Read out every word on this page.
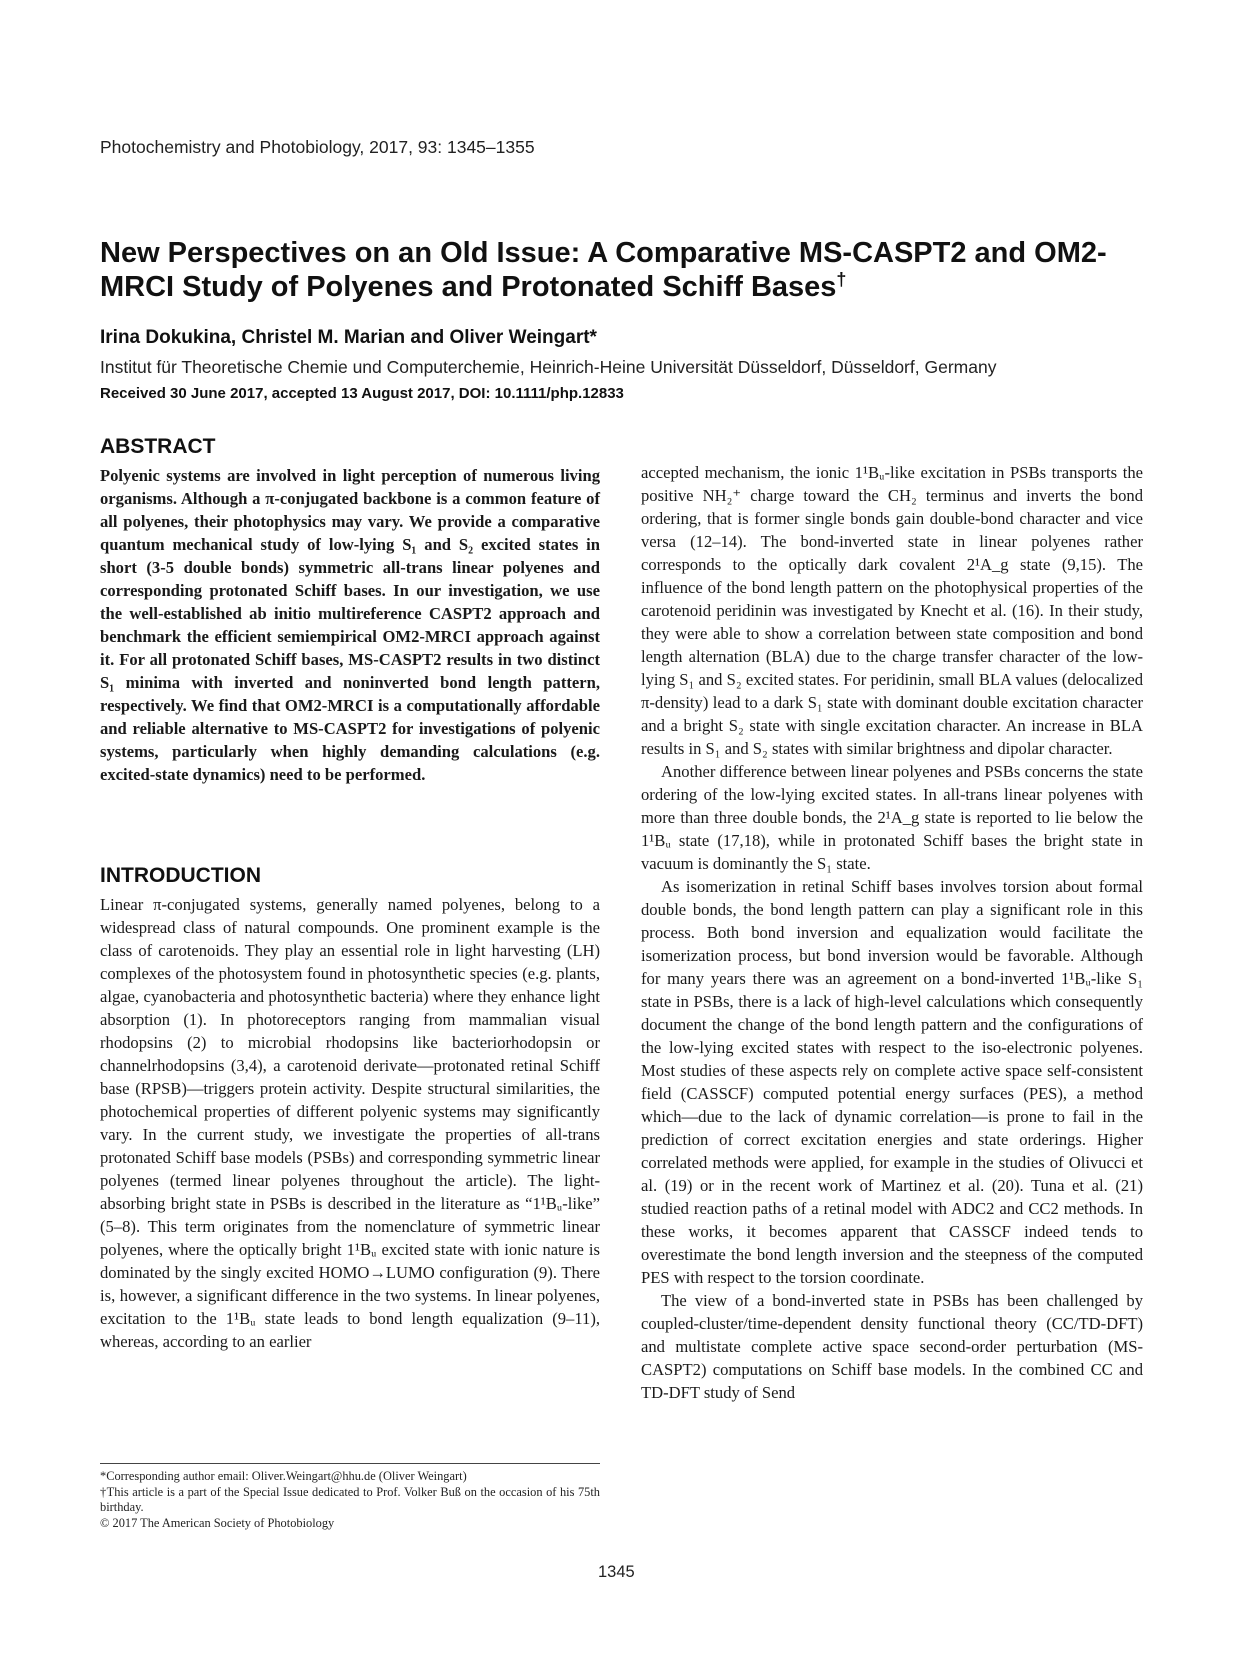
Photochemistry and Photobiology, 2017, 93: 1345–1355
New Perspectives on an Old Issue: A Comparative MS-CASPT2 and OM2-MRCI Study of Polyenes and Protonated Schiff Bases†
Irina Dokukina, Christel M. Marian and Oliver Weingart*
Institut für Theoretische Chemie und Computerchemie, Heinrich-Heine Universität Düsseldorf, Düsseldorf, Germany
Received 30 June 2017, accepted 13 August 2017, DOI: 10.1111/php.12833
ABSTRACT

Polyenic systems are involved in light perception of numerous living organisms. Although a π-conjugated backbone is a common feature of all polyenes, their photophysics may vary. We provide a comparative quantum mechanical study of low-lying S₁ and S₂ excited states in short (3-5 double bonds) symmetric all-trans linear polyenes and corresponding protonated Schiff bases. In our investigation, we use the well-established ab initio multireference CASPT2 approach and benchmark the efficient semiempirical OM2-MRCI approach against it. For all protonated Schiff bases, MS-CASPT2 results in two distinct S₁ minima with inverted and noninverted bond length pattern, respectively. We find that OM2-MRCI is a computationally affordable and reliable alternative to MS-CASPT2 for investigations of polyenic systems, particularly when highly demanding calculations (e.g. excited-state dynamics) need to be performed.

INTRODUCTION

Linear π-conjugated systems, generally named polyenes, belong to a widespread class of natural compounds. One prominent example is the class of carotenoids. They play an essential role in light harvesting (LH) complexes of the photosystem found in photosynthetic species (e.g. plants, algae, cyanobacteria and photosynthetic bacteria) where they enhance light absorption (1). In photoreceptors ranging from mammalian visual rhodopsins (2) to microbial rhodopsins like bacteriorhodopsin or channelrhodopsins (3,4), a carotenoid derivate—protonated retinal Schiff base (RPSB)—triggers protein activity. Despite structural similarities, the photochemical properties of different polyenic systems may significantly vary. In the current study, we investigate the properties of all-trans protonated Schiff base models (PSBs) and corresponding symmetric linear polyenes (termed linear polyenes throughout the article). The light-absorbing bright state in PSBs is described in the literature as “1¹Bᵤ-like” (5–8). This term originates from the nomenclature of symmetric linear polyenes, where the optically bright 1¹Bᵤ excited state with ionic nature is dominated by the singly excited HOMO→LUMO configuration (9). There is, however, a significant difference in the two systems. In linear polyenes, excitation to the 1¹Bᵤ state leads to bond length equalization (9–11), whereas, according to an earlier

*Corresponding author email: Oliver.Weingart@hhu.de (Oliver Weingart)
†This article is a part of the Special Issue dedicated to Prof. Volker Buß on the occasion of his 75th birthday.
© 2017 The American Society of Photobiology

accepted mechanism, the ionic 1¹Bᵤ-like excitation in PSBs transports the positive NH₂⁺ charge toward the CH₂ terminus and inverts the bond ordering, that is former single bonds gain double-bond character and vice versa (12–14). The bond-inverted state in linear polyenes rather corresponds to the optically dark covalent 2¹A_g state (9,15). The influence of the bond length pattern on the photophysical properties of the carotenoid peridinin was investigated by Knecht et al. (16). In their study, they were able to show a correlation between state composition and bond length alternation (BLA) due to the charge transfer character of the low-lying S₁ and S₂ excited states. For peridinin, small BLA values (delocalized π-density) lead to a dark S₁ state with dominant double excitation character and a bright S₂ state with single excitation character. An increase in BLA results in S₁ and S₂ states with similar brightness and dipolar character.

Another difference between linear polyenes and PSBs concerns the state ordering of the low-lying excited states. In all-trans linear polyenes with more than three double bonds, the 2¹A_g state is reported to lie below the 1¹Bᵤ state (17,18), while in protonated Schiff bases the bright state in vacuum is dominantly the S₁ state.

As isomerization in retinal Schiff bases involves torsion about formal double bonds, the bond length pattern can play a significant role in this process. Both bond inversion and equalization would facilitate the isomerization process, but bond inversion would be favorable. Although for many years there was an agreement on a bond-inverted 1¹Bᵤ-like S₁ state in PSBs, there is a lack of high-level calculations which consequently document the change of the bond length pattern and the configurations of the low-lying excited states with respect to the iso-electronic polyenes. Most studies of these aspects rely on complete active space self-consistent field (CASSCF) computed potential energy surfaces (PES), a method which—due to the lack of dynamic correlation—is prone to fail in the prediction of correct excitation energies and state orderings. Higher correlated methods were applied, for example in the studies of Olivucci et al. (19) or in the recent work of Martinez et al. (20). Tuna et al. (21) studied reaction paths of a retinal model with ADC2 and CC2 methods. In these works, it becomes apparent that CASSCF indeed tends to overestimate the bond length inversion and the steepness of the computed PES with respect to the torsion coordinate.

The view of a bond-inverted state in PSBs has been challenged by coupled-cluster/time-dependent density functional theory (CC/TD-DFT) and multistate complete active space second-order perturbation (MS-CASPT2) computations on Schiff base models. In the combined CC and TD-DFT study of Send

1345
